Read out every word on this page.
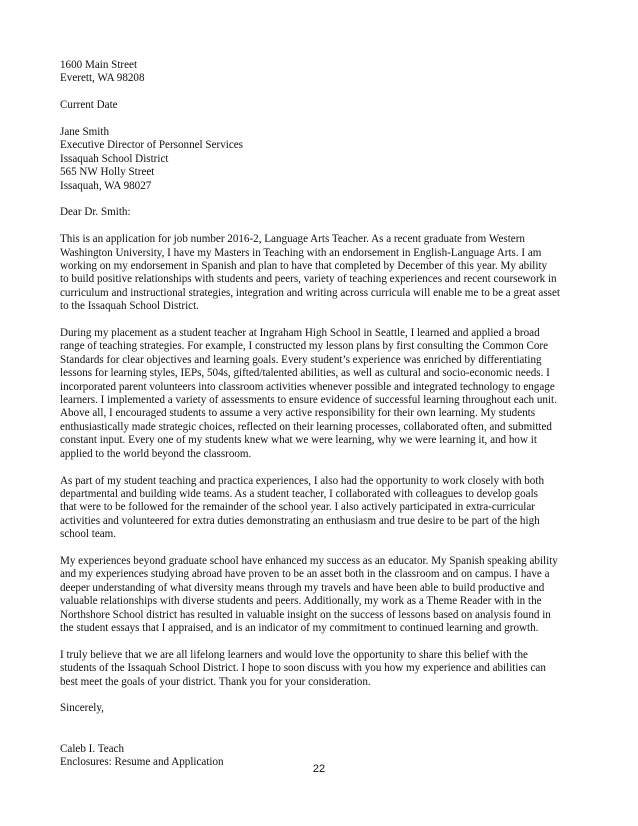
1600 Main Street
Everett, WA 98208
Current Date
Jane Smith
Executive Director of Personnel Services
Issaquah School District
565 NW Holly Street
Issaquah, WA 98027
Dear Dr. Smith:
This is an application for job number 2016-2, Language Arts Teacher. As a recent graduate from Western
Washington University, I have my Masters in Teaching with an endorsement in English-Language Arts. I am
working on my endorsement in Spanish and plan to have that completed by December of this year. My ability
to build positive relationships with students and peers, variety of teaching experiences and recent coursework in
curriculum and instructional strategies, integration and writing across curricula will enable me to be a great asset
to the Issaquah School District.
During my placement as a student teacher at Ingraham High School in Seattle, I learned and applied a broad
range of teaching strategies. For example, I constructed my lesson plans by first consulting the Common Core
Standards for clear objectives and learning goals. Every student’s experience was enriched by differentiating
lessons for learning styles, IEPs, 504s, gifted/talented abilities, as well as cultural and socio-economic needs. I
incorporated parent volunteers into classroom activities whenever possible and integrated technology to engage
learners. I implemented a variety of assessments to ensure evidence of successful learning throughout each unit.
Above all, I encouraged students to assume a very active responsibility for their own learning. My students
enthusiastically made strategic choices, reflected on their learning processes, collaborated often, and submitted
constant input. Every one of my students knew what we were learning, why we were learning it, and how it
applied to the world beyond the classroom.
As part of my student teaching and practica experiences, I also had the opportunity to work closely with both
departmental and building wide teams. As a student teacher, I collaborated with colleagues to develop goals
that were to be followed for the remainder of the school year. I also actively participated in extra-curricular
activities and volunteered for extra duties demonstrating an enthusiasm and true desire to be part of the high
school team.
My experiences beyond graduate school have enhanced my success as an educator. My Spanish speaking ability
and my experiences studying abroad have proven to be an asset both in the classroom and on campus. I have a
deeper understanding of what diversity means through my travels and have been able to build productive and
valuable relationships with diverse students and peers. Additionally, my work as a Theme Reader with in the
Northshore School district has resulted in valuable insight on the success of lessons based on analysis found in
the student essays that I appraised, and is an indicator of my commitment to continued learning and growth.
I truly believe that we are all lifelong learners and would love the opportunity to share this belief with the
students of the Issaquah School District. I hope to soon discuss with you how my experience and abilities can
best meet the goals of your district. Thank you for your consideration.
Sincerely,
Caleb I. Teach
Enclosures: Resume and Application
22
